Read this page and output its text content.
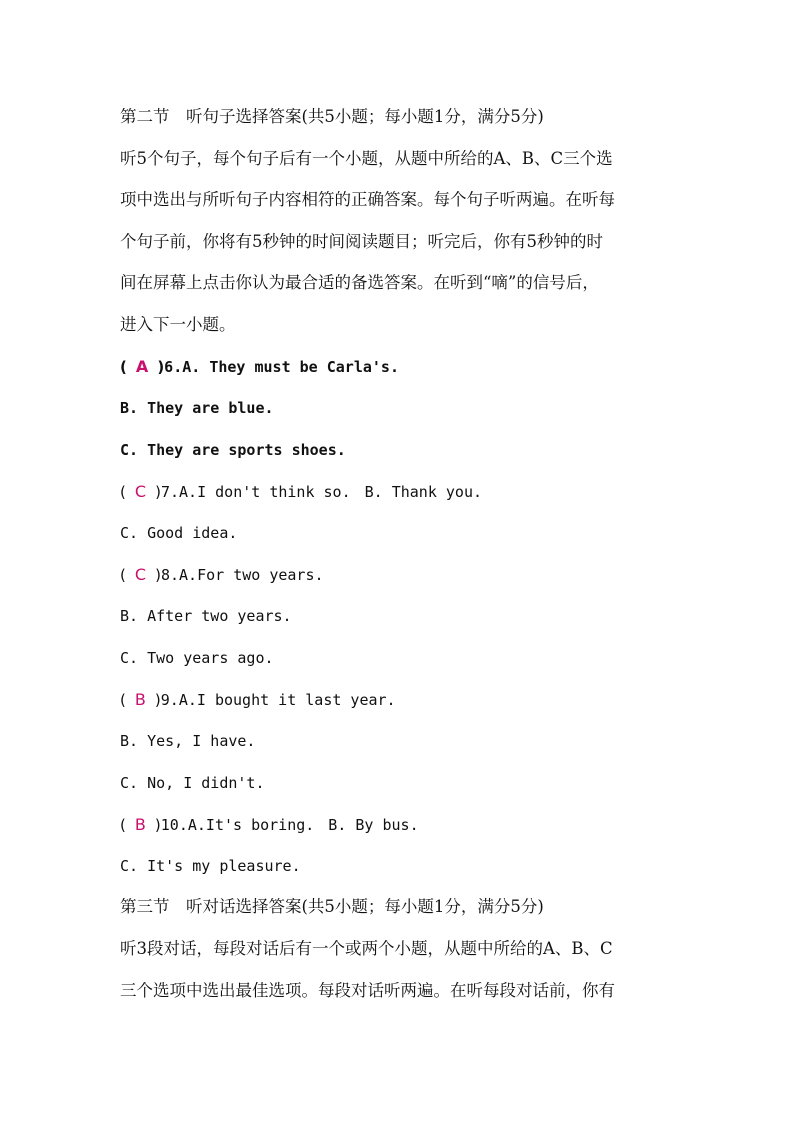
第二节　听句子选择答案(共5小题；每小题1分，满分5分)
听5个句子，每个句子后有一个小题，从题中所给的A、B、C三个选
项中选出与所听句子内容相符的正确答案。每个句子听两遍。在听每
个句子前，你将有5秒钟的时间阅读题目；听完后，你有5秒钟的时
间在屏幕上点击你认为最合适的备选答案。在听到“嘀”的信号后，
进入下一小题。
( A )6.A. They must be Carla's.
B. They are blue.
C. They are sports shoes.
( C )7.A.I don't think so. B. Thank you.
C. Good idea.
( C )8.A.For two years.
B. After two years.
C. Two years ago.
( B )9.A.I bought it last year.
B. Yes, I have.
C. No, I didn't.
( B )10.A.It's boring. B. By bus.
C. It's my pleasure.
第三节　听对话选择答案(共5小题；每小题1分，满分5分)
听3段对话，每段对话后有一个或两个小题，从题中所给的A、B、C
三个选项中选出最佳选项。每段对话听两遍。在听每段对话前，你有
